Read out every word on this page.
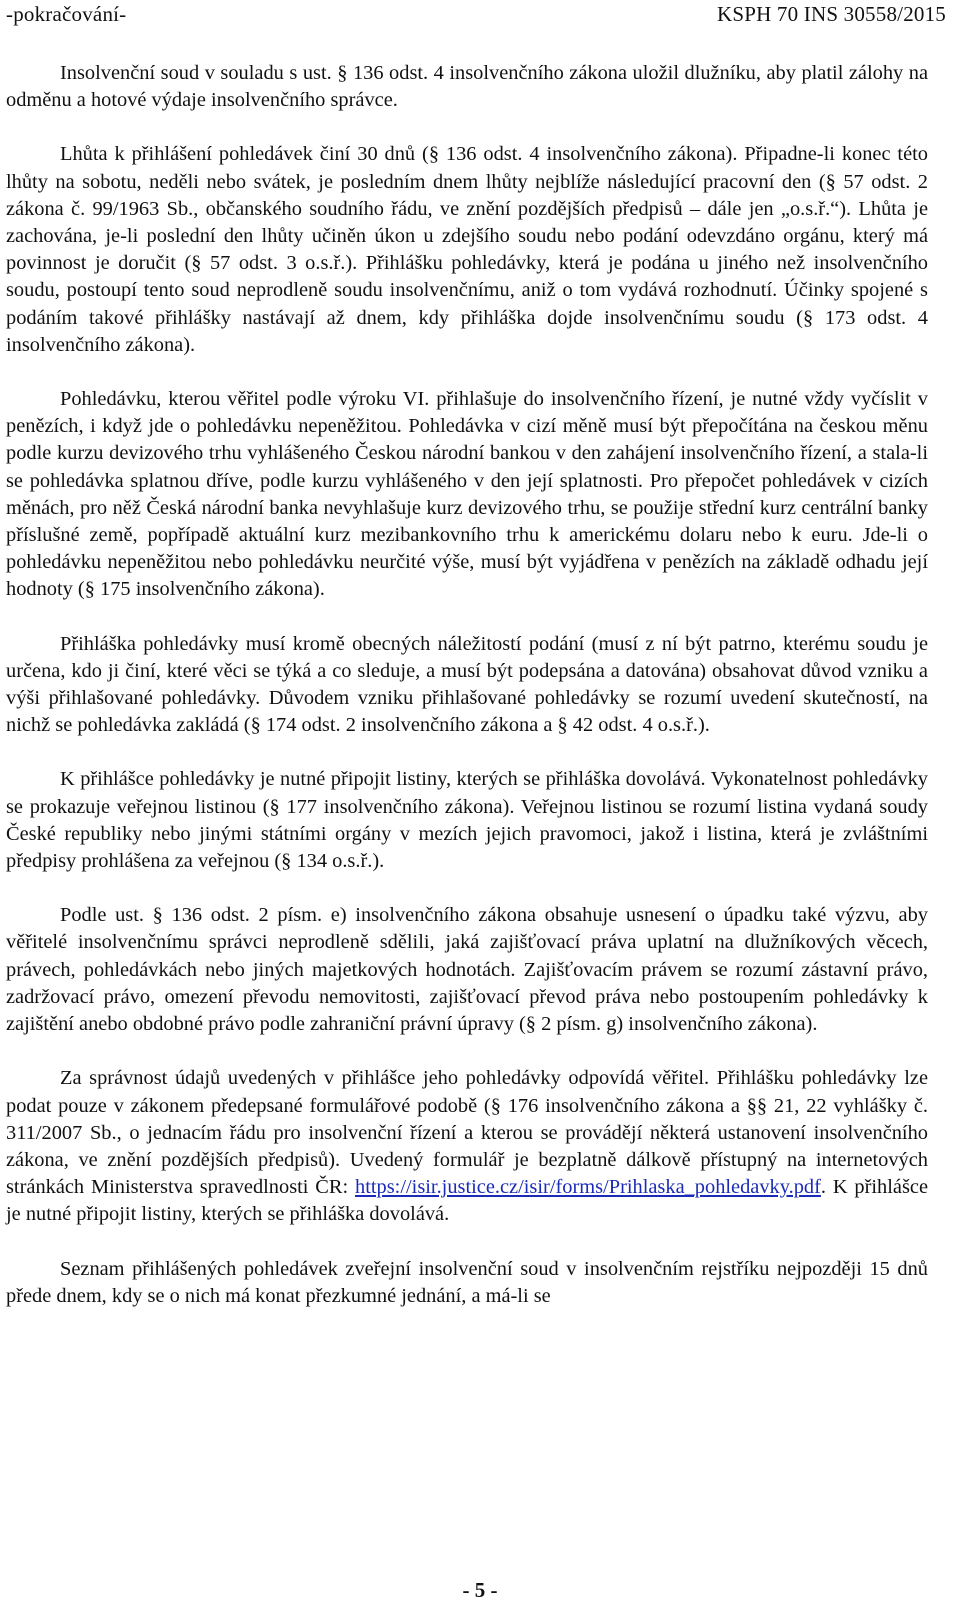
-pokračování-	KSPH 70 INS 30558/2015

Insolvenční soud v souladu s ust. § 136 odst. 4 insolvenčního zákona uložil dlužníku, aby platil zálohy na odměnu a hotové výdaje insolvenčního správce.

Lhůta k přihlášení pohledávek činí 30 dnů (§ 136 odst. 4 insolvenčního zákona). Připadne-li konec této lhůty na sobotu, neděli nebo svátek, je posledním dnem lhůty nejblíže následující pracovní den (§ 57 odst. 2 zákona č. 99/1963 Sb., občanského soudního řádu, ve znění pozdějších předpisů – dále jen „o.s.ř.“). Lhůta je zachována, je-li poslední den lhůty učiněn úkon u zdejšího soudu nebo podání odevzdáno orgánu, který má povinnost je doručit (§ 57 odst. 3 o.s.ř.). Přihlášku pohledávky, která je podána u jiného než insolvenčního soudu, postoupí tento soud neprodleně soudu insolvenčnímu, aniž o tom vydává rozhodnutí. Účinky spojené s podáním takové přihlášky nastávají až dnem, kdy přihláška dojde insolvenčnímu soudu (§ 173 odst. 4 insolvenčního zákona).

Pohledávku, kterou věřitel podle výroku VI. přihlašuje do insolvenčního řízení, je nutné vždy vyčíslit v penězích, i když jde o pohledávku nepeněžitou. Pohledávka v cizí měně musí být přepočítána na českou měnu podle kurzu devizového trhu vyhlášeného Českou národní bankou v den zahájení insolvenčního řízení, a stala-li se pohledávka splatnou dříve, podle kurzu vyhlášeného v den její splatnosti. Pro přepočet pohledávek v cizích měnách, pro něž Česká národní banka nevyhlašuje kurz devizového trhu, se použije střední kurz centrální banky příslušné země, popřípadě aktuální kurz mezibankovního trhu k americkému dolaru nebo k euru. Jde-li o pohledávku nepeněžitou nebo pohledávku neurčité výše, musí být vyjádřena v penězích na základě odhadu její hodnoty (§ 175 insolvenčního zákona).

Přihláška pohledávky musí kromě obecných náležitostí podání (musí z ní být patrno, kterému soudu je určena, kdo ji činí, které věci se týká a co sleduje, a musí být podepsána a datována) obsahovat důvod vzniku a výši přihlašované pohledávky. Důvodem vzniku přihlašované pohledávky se rozumí uvedení skutečností, na nichž se pohledávka zakládá (§ 174 odst. 2 insolvenčního zákona a § 42 odst. 4 o.s.ř.).

K přihlášce pohledávky je nutné připojit listiny, kterých se přihláška dovolává. Vykonatelnost pohledávky se prokazuje veřejnou listinou (§ 177 insolvenčního zákona). Veřejnou listinou se rozumí listina vydaná soudy České republiky nebo jinými státními orgány v mezích jejich pravomoci, jakož i listina, která je zvláštními předpisy prohlášena za veřejnou (§ 134 o.s.ř.).

Podle ust. § 136 odst. 2 písm. e) insolvenčního zákona obsahuje usnesení o úpadku také výzvu, aby věřitelé insolvenčnímu správci neprodleně sdělili, jaká zajišťovací práva uplatní na dlužníkových věcech, právech, pohledávkách nebo jiných majetkových hodnotách. Zajišťovacím právem se rozumí zástavní právo, zadržovací právo, omezení převodu nemovitosti, zajišťovací převod práva nebo postoupením pohledávky k zajištění anebo obdobné právo podle zahraniční právní úpravy (§ 2 písm. g) insolvenčního zákona).

Za správnost údajů uvedených v přihlášce jeho pohledávky odpovídá věřitel. Přihlášku pohledávky lze podat pouze v zákonem předepsané formulářové podobě (§ 176 insolvenčního zákona a §§ 21, 22 vyhlášky č. 311/2007 Sb., o jednacím řádu pro insolvenční řízení a kterou se provádějí některá ustanovení insolvenčního zákona, ve znění pozdějších předpisů). Uvedený formulář je bezplatně dálkově přístupný na internetových stránkách Ministerstva spravedlnosti ČR: https://isir.justice.cz/isir/forms/Prihlaska_pohledavky.pdf. K přihlášce je nutné připojit listiny, kterých se přihláška dovolává.

Seznam přihlášených pohledávek zveřejní insolvenční soud v insolvenčním rejstříku nejpozději 15 dnů přede dnem, kdy se o nich má konat přezkumné jednání, a má-li se

- 5 -
